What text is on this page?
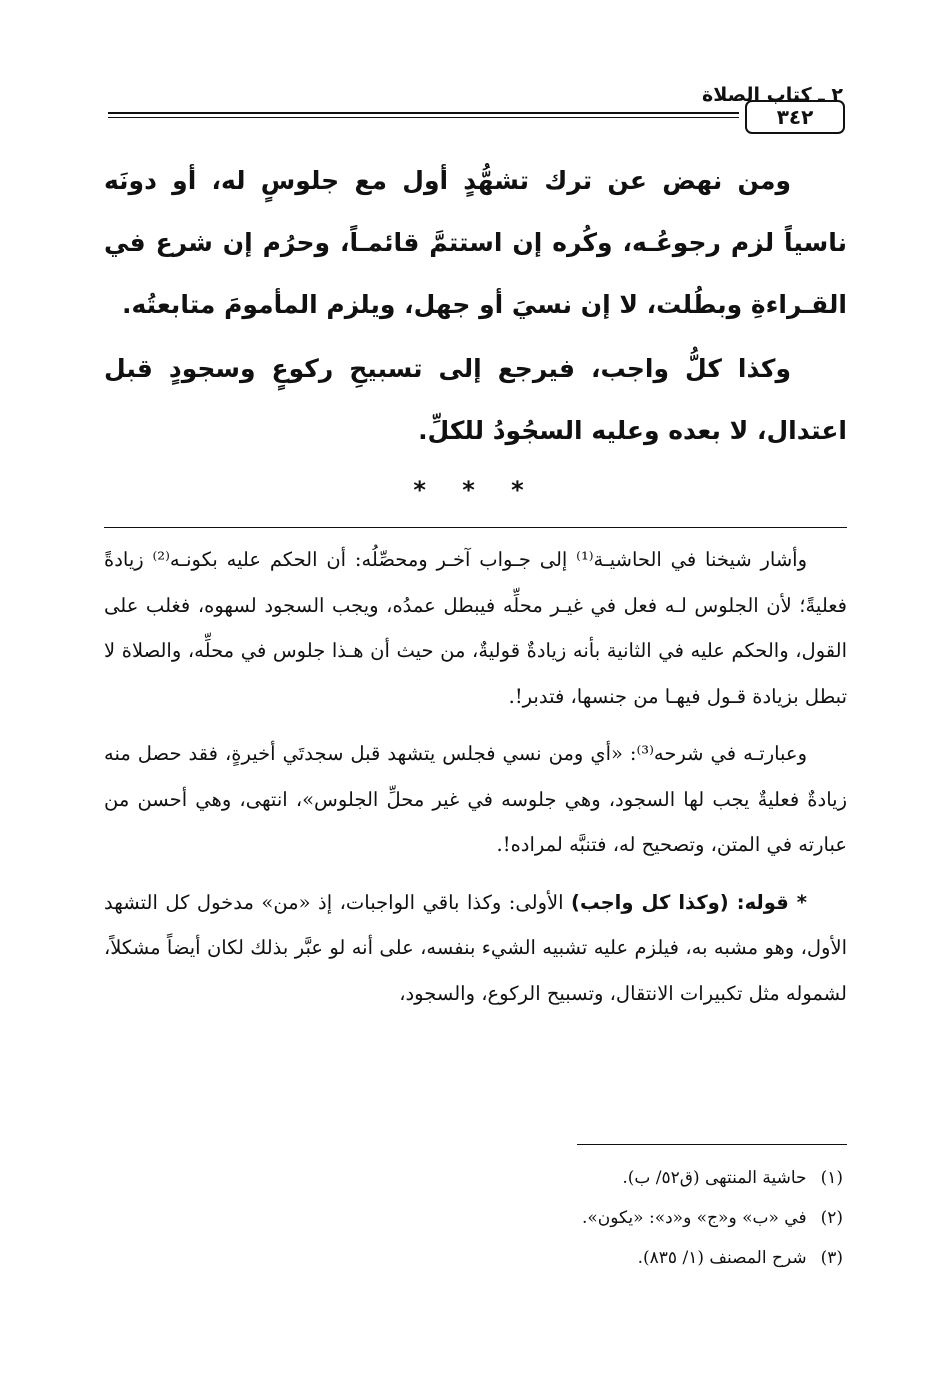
٢ ـ كتاب الصلاة
٣٤٢

ومن نهض عن ترك تشهُّدٍ أول مع جلوسٍ له، أو دونَه ناسياً لزم رجوعُـه، وكُره إن استتمَّ قائمـاً، وحرُم إن شرع في القـراءةِ وبطُلت، لا إن نسيَ أو جهل، ويلزم المأمومَ متابعتُه.

وكذا كلُّ واجب، فيرجع إلى تسبيحِ ركوعٍ وسجودٍ قبل اعتدال، لا بعده وعليه السجُودُ للكلِّ.

* * *

وأشار شيخنا في الحاشيـة⁽¹⁾ إلى جـواب آخـر ومحصِّلُه: أن الحكم عليه بكونـه⁽²⁾ زيادةً فعليةً؛ لأن الجلوس لـه فعل في غيـر محلِّه فيبطل عمدُه، ويجب السجود لسهوه، فغلب على القول، والحكم عليه في الثانية بأنه زيادةٌ قوليةٌ، من حيث أن هـذا جلوس في محلِّه، والصلاة لا تبطل بزيادة قـول فيهـا من جنسها، فتدبر!.

وعبارتـه في شرحه⁽³⁾: «أي ومن نسي فجلس يتشهد قبل سجدتَي أخيرةٍ، فقد حصل منه زيادةٌ فعليةٌ يجب لها السجود، وهي جلوسه في غير محلِّ الجلوس»، انتهى، وهي أحسن من عبارته في المتن، وتصحيح له، فتنبَّه لمراده!.

* قوله: (وكذا كل واجب) الأولى: وكذا باقي الواجبات، إذ «من» مدخول كل التشهد الأول، وهو مشبه به، فيلزم عليه تشبيه الشيء بنفسه، على أنه لو عبَّر بذلك لكان أيضاً مشكلاً، لشموله مثل تكبيرات الانتقال، وتسبيح الركوع، والسجود،

(١)حاشية المنتهى (ق٥٢/ ب).
(٢)في «ب» و«ج» و«د»: «يكون».
(٣)شرح المصنف (١/ ٨٣٥).
